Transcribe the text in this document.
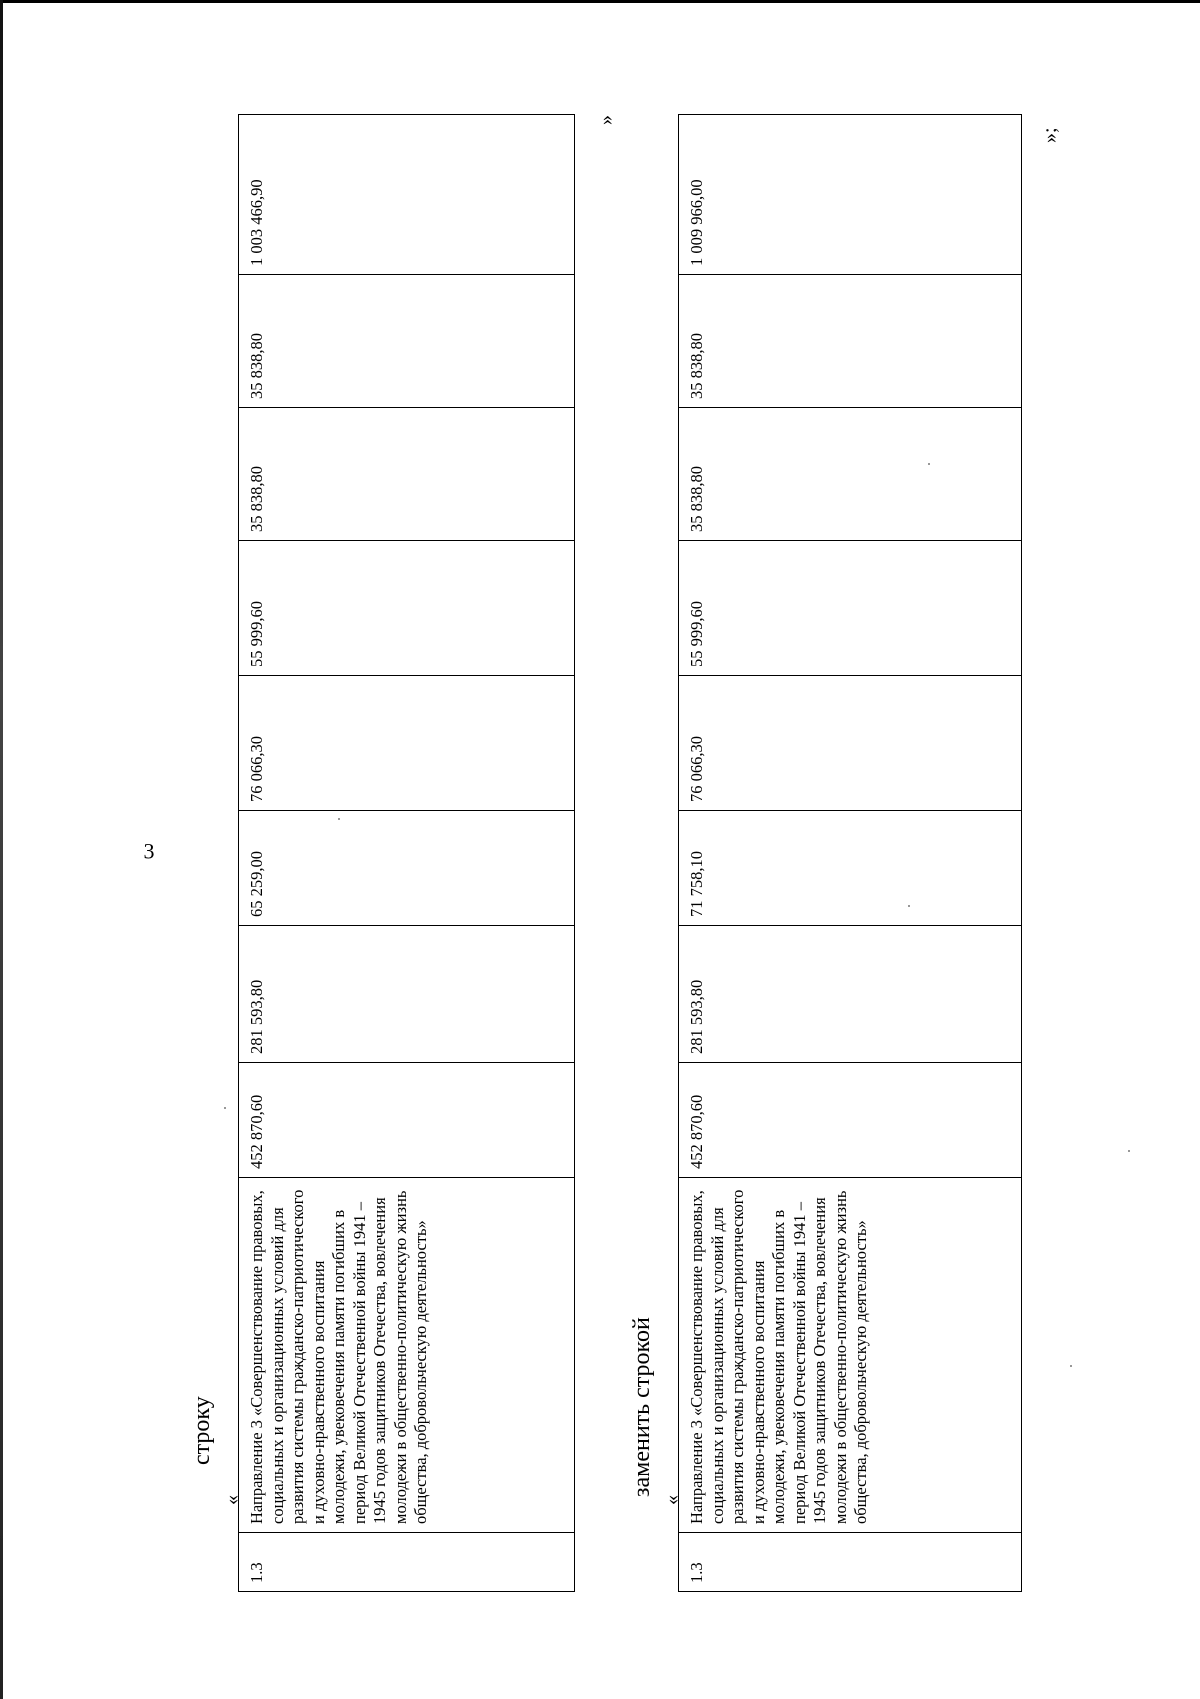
3
строку
«
1.3	Направление 3 «Совершенствование правовых, социальных и организационных условий для развития системы гражданско-патриотического и духовно-нравственного воспитания молодежи, увековечения памяти погибших в период Великой Отечественной войны 1941 – 1945 годов защитников Отечества, вовлечения молодежи в общественно-политическую жизнь общества, добровольческую деятельность»	452 870,60	281 593,80	65 259,00	76 066,30	55 999,60	35 838,80	35 838,80	1 003 466,90
»
заменить строкой
«
1.3	Направление 3 «Совершенствование правовых, социальных и организационных условий для развития системы гражданско-патриотического и духовно-нравственного воспитания молодежи, увековечения памяти погибших в период Великой Отечественной войны 1941 – 1945 годов защитников Отечества, вовлечения молодежи в общественно-политическую жизнь общества, добровольческую деятельность»	452 870,60	281 593,80	71 758,10	76 066,30	55 999,60	35 838,80	35 838,80	1 009 966,00
»;
